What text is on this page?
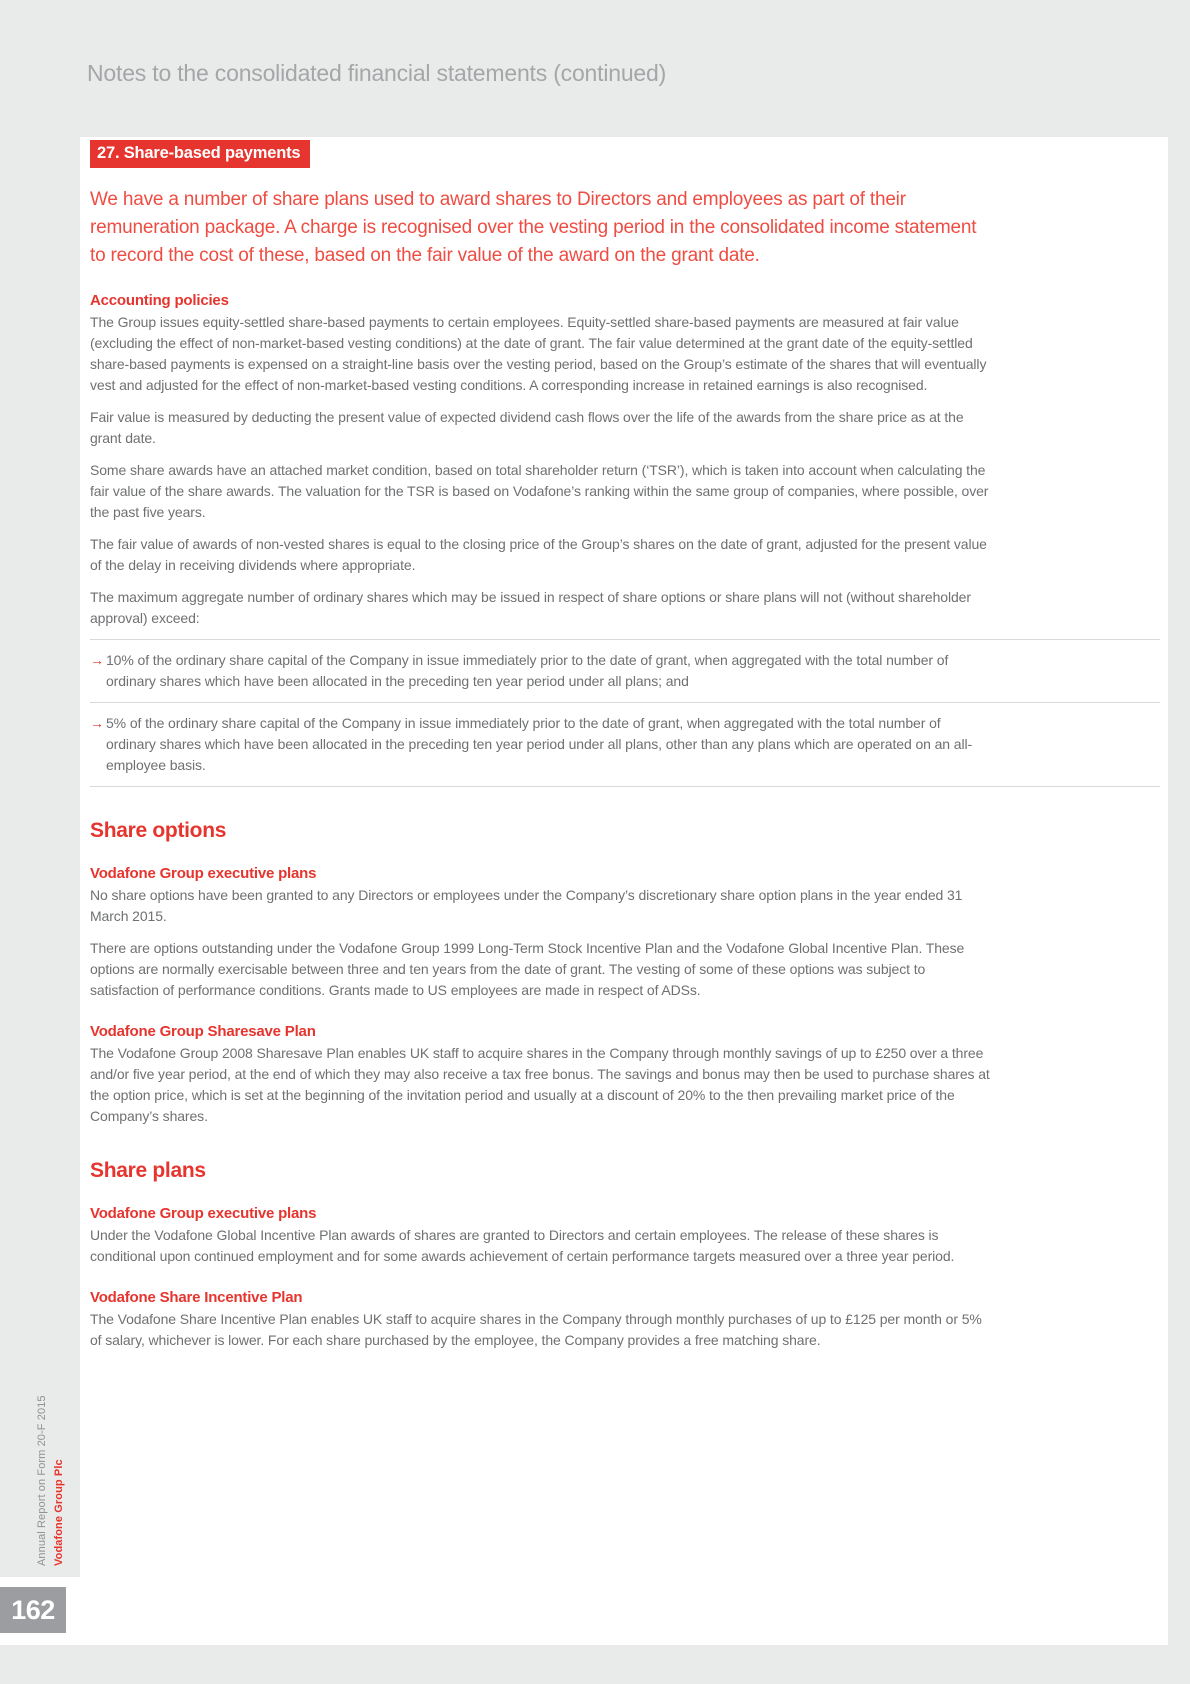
Notes to the consolidated financial statements (continued)
Annual Report on Form 20-F 2015 Vodafone Group Plc
162
27. Share-based payments

We have a number of share plans used to award shares to Directors and employees as part of their remuneration package. A charge is recognised over the vesting period in the consolidated income statement to record the cost of these, based on the fair value of the award on the grant date.

Accounting policies

The Group issues equity-settled share-based payments to certain employees. Equity-settled share-based payments are measured at fair value (excluding the effect of non-market-based vesting conditions) at the date of grant. The fair value determined at the grant date of the equity-settled share-based payments is expensed on a straight-line basis over the vesting period, based on the Group’s estimate of the shares that will eventually vest and adjusted for the effect of non-market-based vesting conditions. A corresponding increase in retained earnings is also recognised.

Fair value is measured by deducting the present value of expected dividend cash flows over the life of the awards from the share price as at the grant date.

Some share awards have an attached market condition, based on total shareholder return (‘TSR’), which is taken into account when calculating the fair value of the share awards. The valuation for the TSR is based on Vodafone’s ranking within the same group of companies, where possible, over the past five years.

The fair value of awards of non-vested shares is equal to the closing price of the Group’s shares on the date of grant, adjusted for the present value of the delay in receiving dividends where appropriate.

The maximum aggregate number of ordinary shares which may be issued in respect of share options or share plans will not (without shareholder approval) exceed:

→ 10% of the ordinary share capital of the Company in issue immediately prior to the date of grant, when aggregated with the total number of ordinary shares which have been allocated in the preceding ten year period under all plans; and
→ 5% of the ordinary share capital of the Company in issue immediately prior to the date of grant, when aggregated with the total number of ordinary shares which have been allocated in the preceding ten year period under all plans, other than any plans which are operated on an all-employee basis.
Share options
Vodafone Group executive plans

No share options have been granted to any Directors or employees under the Company’s discretionary share option plans in the year ended 31 March 2015.

There are options outstanding under the Vodafone Group 1999 Long-Term Stock Incentive Plan and the Vodafone Global Incentive Plan. These options are normally exercisable between three and ten years from the date of grant. The vesting of some of these options was subject to satisfaction of performance conditions. Grants made to US employees are made in respect of ADSs.

Vodafone Group Sharesave Plan

The Vodafone Group 2008 Sharesave Plan enables UK staff to acquire shares in the Company through monthly savings of up to £250 over a three and/or five year period, at the end of which they may also receive a tax free bonus. The savings and bonus may then be used to purchase shares at the option price, which is set at the beginning of the invitation period and usually at a discount of 20% to the then prevailing market price of the Company’s shares.

Share plans
Vodafone Group executive plans

Under the Vodafone Global Incentive Plan awards of shares are granted to Directors and certain employees. The release of these shares is conditional upon continued employment and for some awards achievement of certain performance targets measured over a three year period.

Vodafone Share Incentive Plan

The Vodafone Share Incentive Plan enables UK staff to acquire shares in the Company through monthly purchases of up to £125 per month or 5% of salary, whichever is lower. For each share purchased by the employee, the Company provides a free matching share.
